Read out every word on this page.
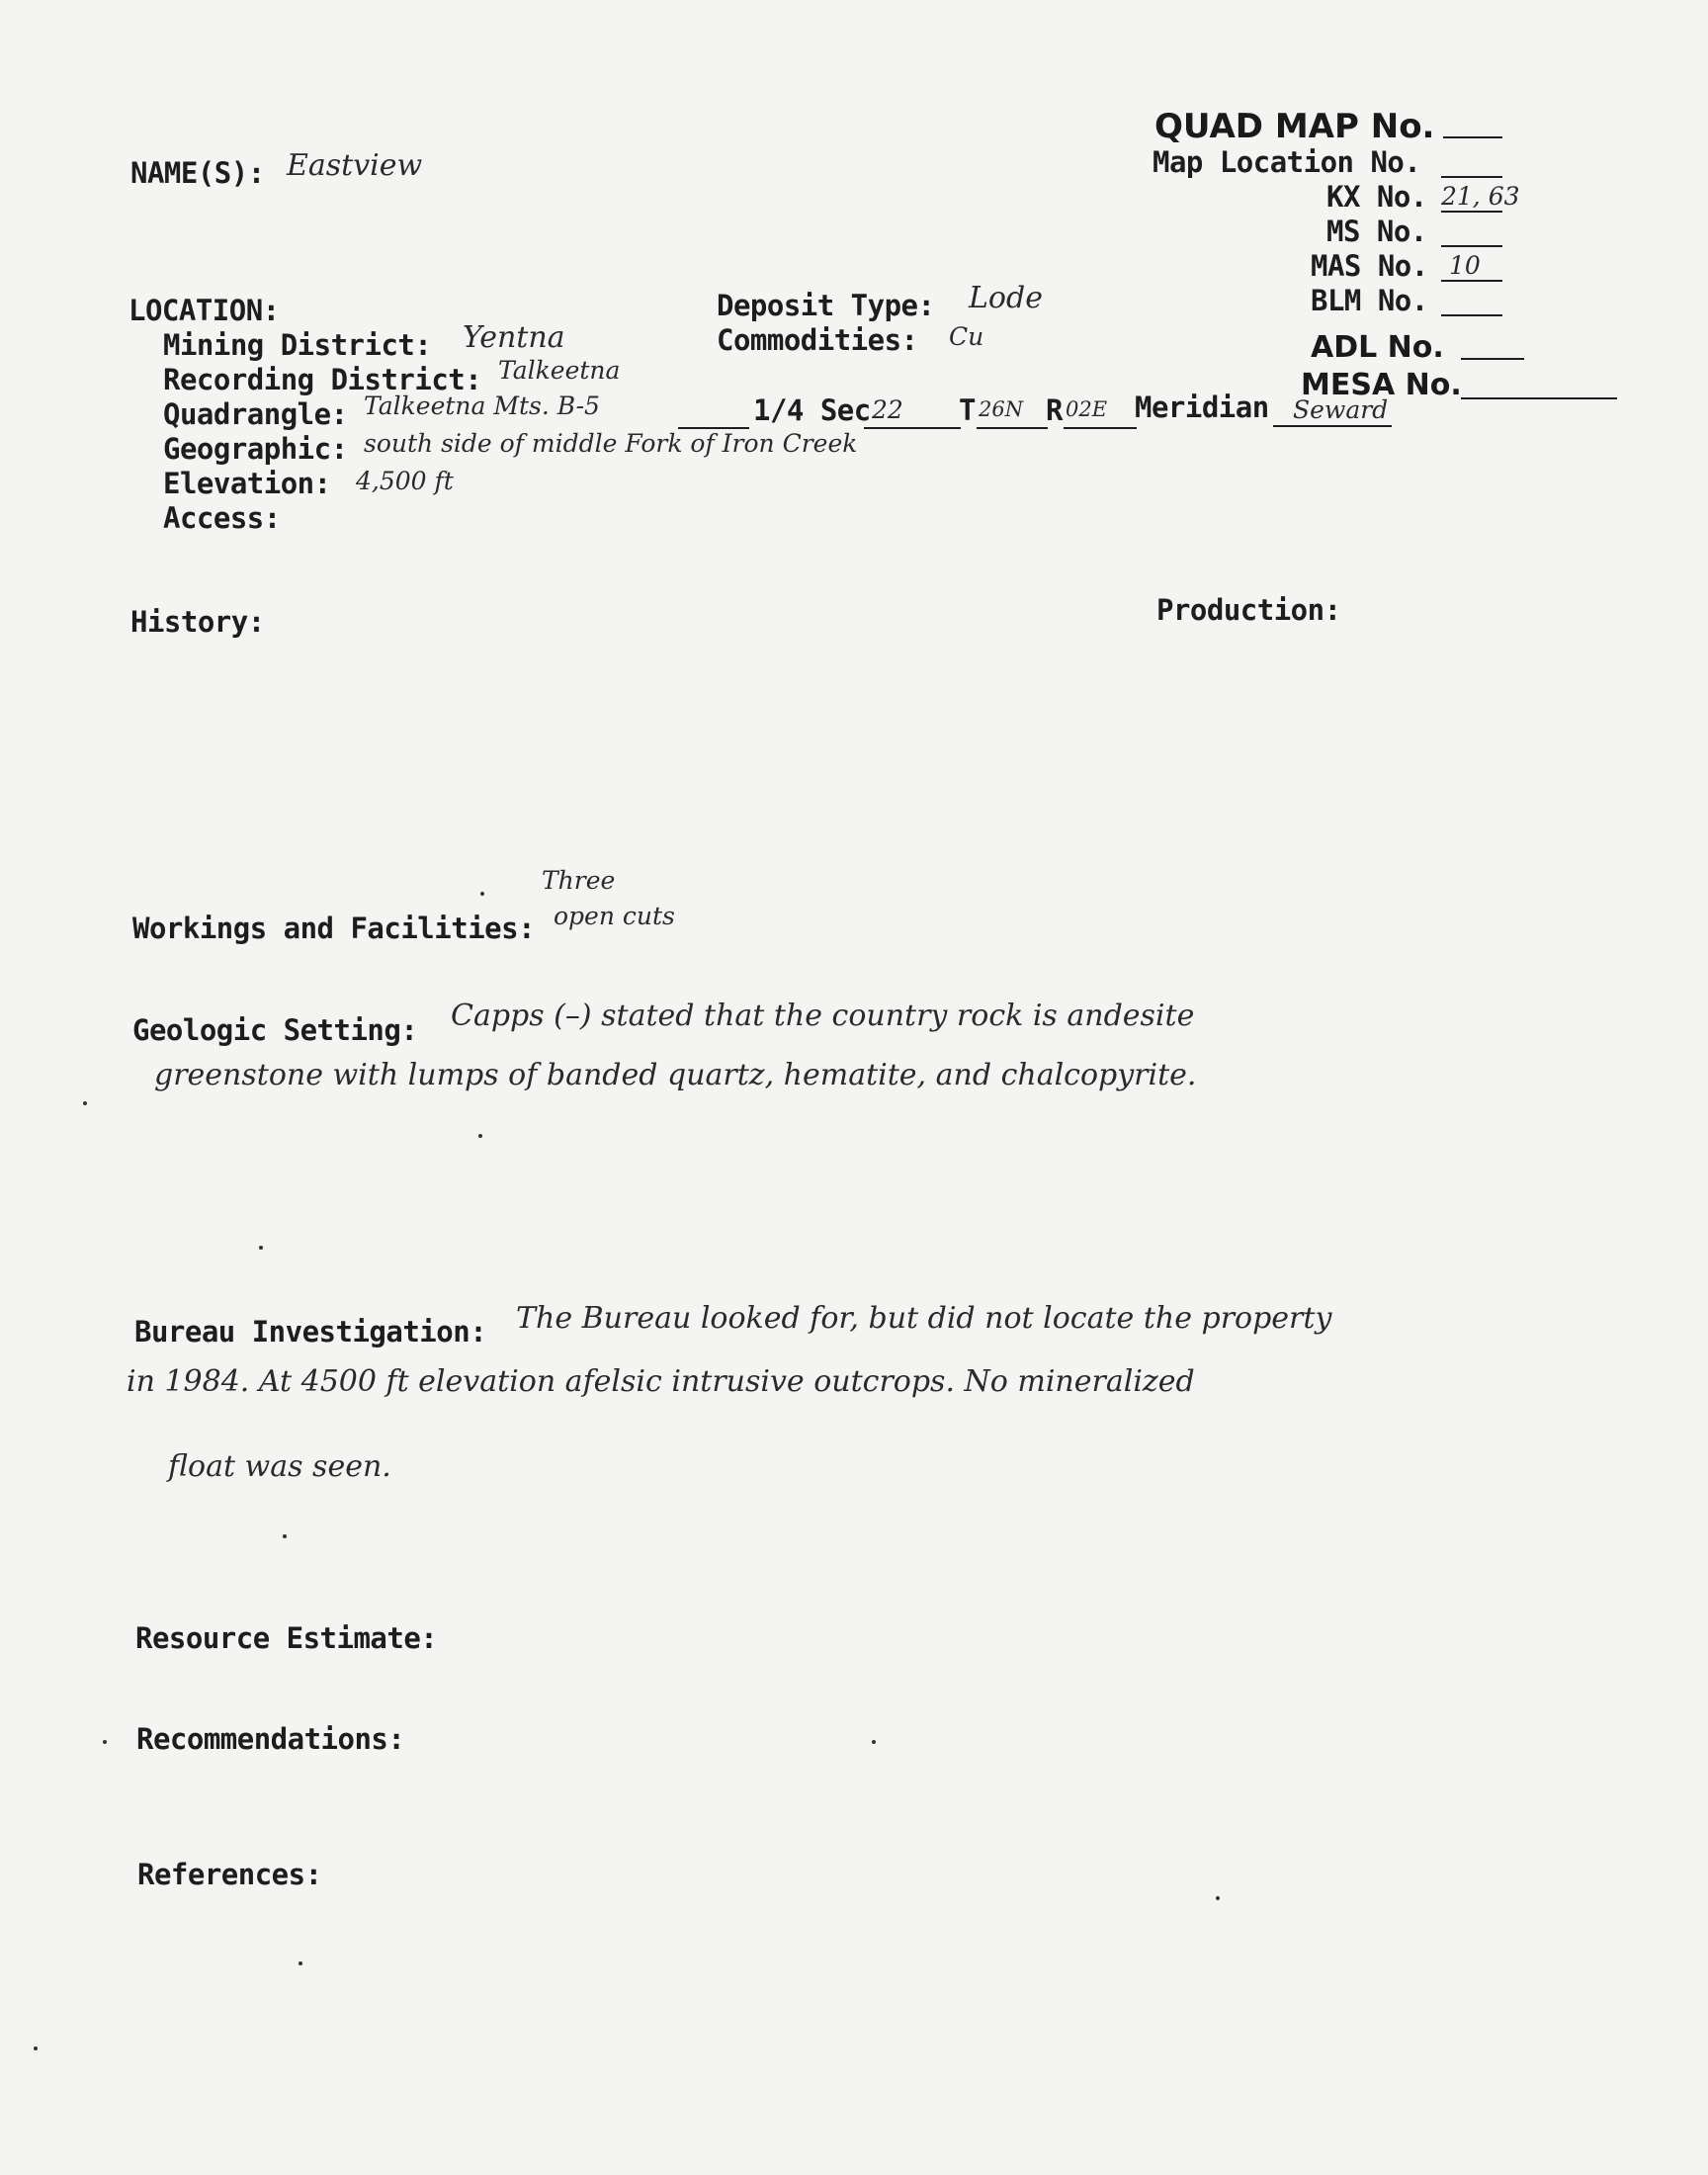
NAME(S): Eastview
QUAD MAP No.
Map Location No.
KX No. 21, 63
MS No.
MAS No. 10
BLM No.
ADL No.
MESA No.
LOCATION:
Mining District: Yentna
Recording District: Talkeetna
Quadrangle: Talkeetna Mts. B-5	1/4 Sec 22 T 26N R 02E Meridian Seward
Geographic: south side of middle Fork of Iron Creek
Elevation: 4,500 ft
Access:
Deposit Type: Lode
Commodities: Cu
History:	Production:
Workings and Facilities:
Three
open cuts
Geologic Setting: Capps (–) stated that the country rock is andesite
greenstone with lumps of banded quartz, hematite, and chalcopyrite.
Bureau Investigation: The Bureau looked for, but did not locate the property
in 1984. At 4500 ft elevation afelsic intrusive outcrops. No mineralized
float was seen.
Resource Estimate:
Recommendations:
References:
